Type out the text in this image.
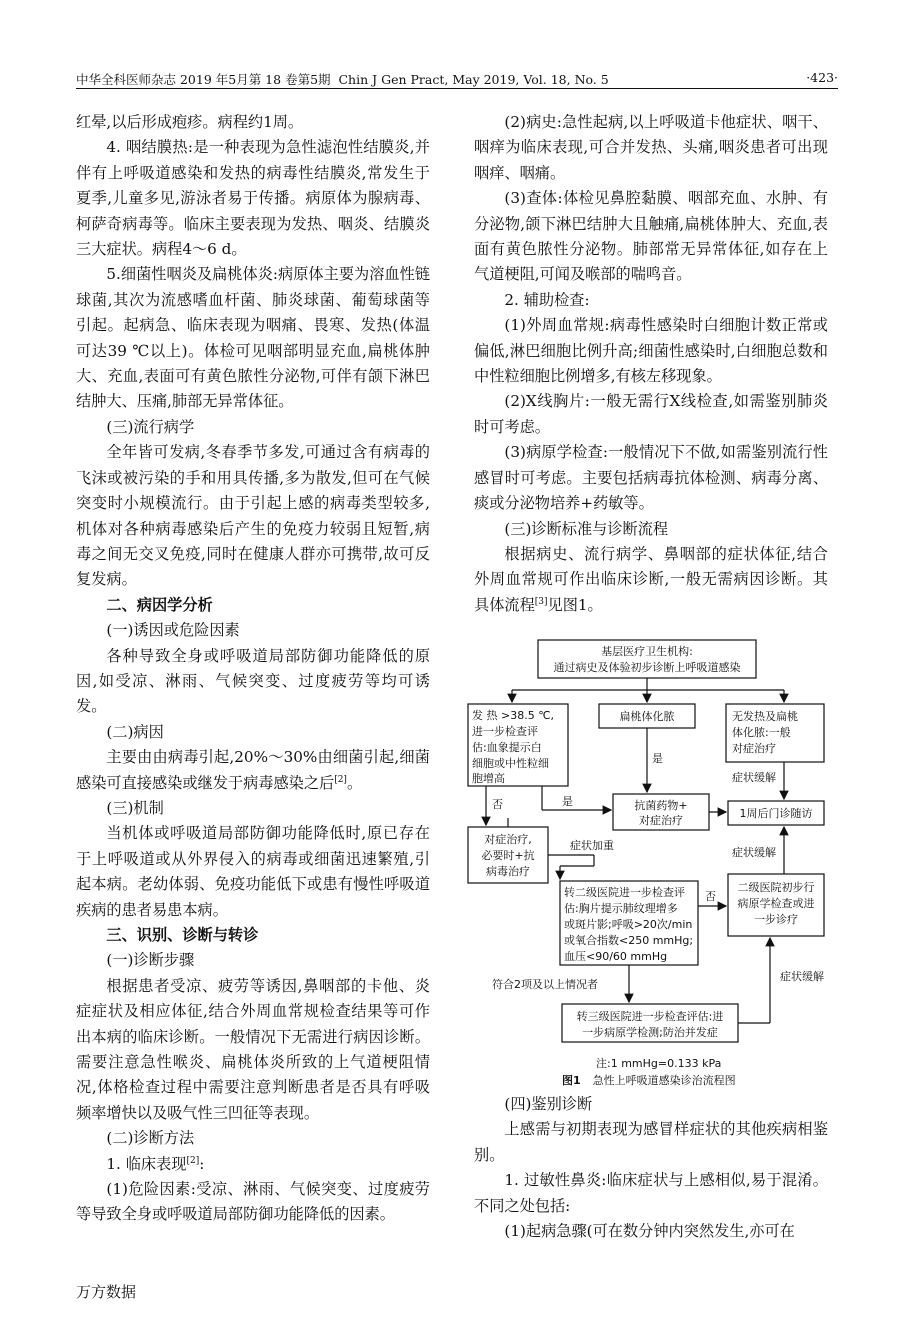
中华全科医师杂志 2019 年5月第 18 卷第5期 Chin J Gen Pract, May 2019, Vol. 18, No. 5	·423·

红晕,以后形成疱疹。病程约1周。

4. 咽结膜热:是一种表现为急性滤泡性结膜炎,并伴有上呼吸道感染和发热的病毒性结膜炎,常发生于夏季,儿童多见,游泳者易于传播。病原体为腺病毒、柯萨奇病毒等。临床主要表现为发热、咽炎、结膜炎三大症状。病程4～6 d。

5.细菌性咽炎及扁桃体炎:病原体主要为溶血性链球菌,其次为流感嗜血杆菌、肺炎球菌、葡萄球菌等引起。起病急、临床表现为咽痛、畏寒、发热(体温可达39 ℃以上)。体检可见咽部明显充血,扁桃体肿大、充血,表面可有黄色脓性分泌物,可伴有颌下淋巴结肿大、压痛,肺部无异常体征。

(三)流行病学

全年皆可发病,冬春季节多发,可通过含有病毒的飞沫或被污染的手和用具传播,多为散发,但可在气候突变时小规模流行。由于引起上感的病毒类型较多,机体对各种病毒感染后产生的免疫力较弱且短暂,病毒之间无交叉免疫,同时在健康人群亦可携带,故可反复发病。

二、病因学分析

(一)诱因或危险因素

各种导致全身或呼吸道局部防御功能降低的原因,如受凉、淋雨、气候突变、过度疲劳等均可诱发。

(二)病因

主要由由病毒引起,20%～30%由细菌引起,细菌感染可直接感染或继发于病毒感染之后[2]。

(三)机制

当机体或呼吸道局部防御功能降低时,原已存在于上呼吸道或从外界侵入的病毒或细菌迅速繁殖,引起本病。老幼体弱、免疫功能低下或患有慢性呼吸道疾病的患者易患本病。

三、识别、诊断与转诊

(一)诊断步骤

根据患者受凉、疲劳等诱因,鼻咽部的卡他、炎症症状及相应体征,结合外周血常规检查结果等可作出本病的临床诊断。一般情况下无需进行病因诊断。需要注意急性喉炎、扁桃体炎所致的上气道梗阻情况,体格检查过程中需要注意判断患者是否具有呼吸频率增快以及吸气性三凹征等表现。

(二)诊断方法

1. 临床表现[2]:

(1)危险因素:受凉、淋雨、气候突变、过度疲劳等导致全身或呼吸道局部防御功能降低的因素。

(2)病史:急性起病,以上呼吸道卡他症状、咽干、咽痒为临床表现,可合并发热、头痛,咽炎患者可出现咽痒、咽痛。

(3)查体:体检见鼻腔黏膜、咽部充血、水肿、有分泌物,颌下淋巴结肿大且触痛,扁桃体肿大、充血,表面有黄色脓性分泌物。肺部常无异常体征,如存在上气道梗阻,可闻及喉部的喘鸣音。

2. 辅助检查:

(1)外周血常规:病毒性感染时白细胞计数正常或偏低,淋巴细胞比例升高;细菌性感染时,白细胞总数和中性粒细胞比例增多,有核左移现象。

(2)X线胸片:一般无需行X线检查,如需鉴别肺炎时可考虑。

(3)病原学检查:一般情况下不做,如需鉴别流行性感冒时可考虑。主要包括病毒抗体检测、病毒分离、痰或分泌物培养+药敏等。

(三)诊断标准与诊断流程

根据病史、流行病学、鼻咽部的症状体征,结合外周血常规可作出临床诊断,一般无需病因诊断。其具体流程[3]见图1。

基层医疗卫生机构:
通过病史及体验初步诊断上呼吸道感染
发 热 >38.5 ℃,
进一步检查评
估:血象提示白
细胞或中性粒细
胞增高
扁桃体化脓	无发热及扁桃
体化脓:一般
对症治疗
是
是
否	抗菌药物+
对症治疗
症状缓解
1周后门诊随访
症状缓解
对症治疗,
必要时+抗
病毒治疗
症状加重
转二级医院进一步检查评
估:胸片提示肺纹理增多
或斑片影;呼吸>20次/min
或氧合指数<250 mmHg;
血压<90/60 mmHg
否
二级医院初步行
病原学检查或进
一步诊疗
符合2项及以上情况者
症状缓解
转三级医院进一步检查评估:进
一步病原学检测;防治并发症
注:1 mmHg=0.133 kPa
图1 急性上呼吸道感染诊治流程图

(四)鉴别诊断

上感需与初期表现为感冒样症状的其他疾病相鉴别。

1. 过敏性鼻炎:临床症状与上感相似,易于混淆。不同之处包括:

(1)起病急骤(可在数分钟内突然发生,亦可在

万方数据
